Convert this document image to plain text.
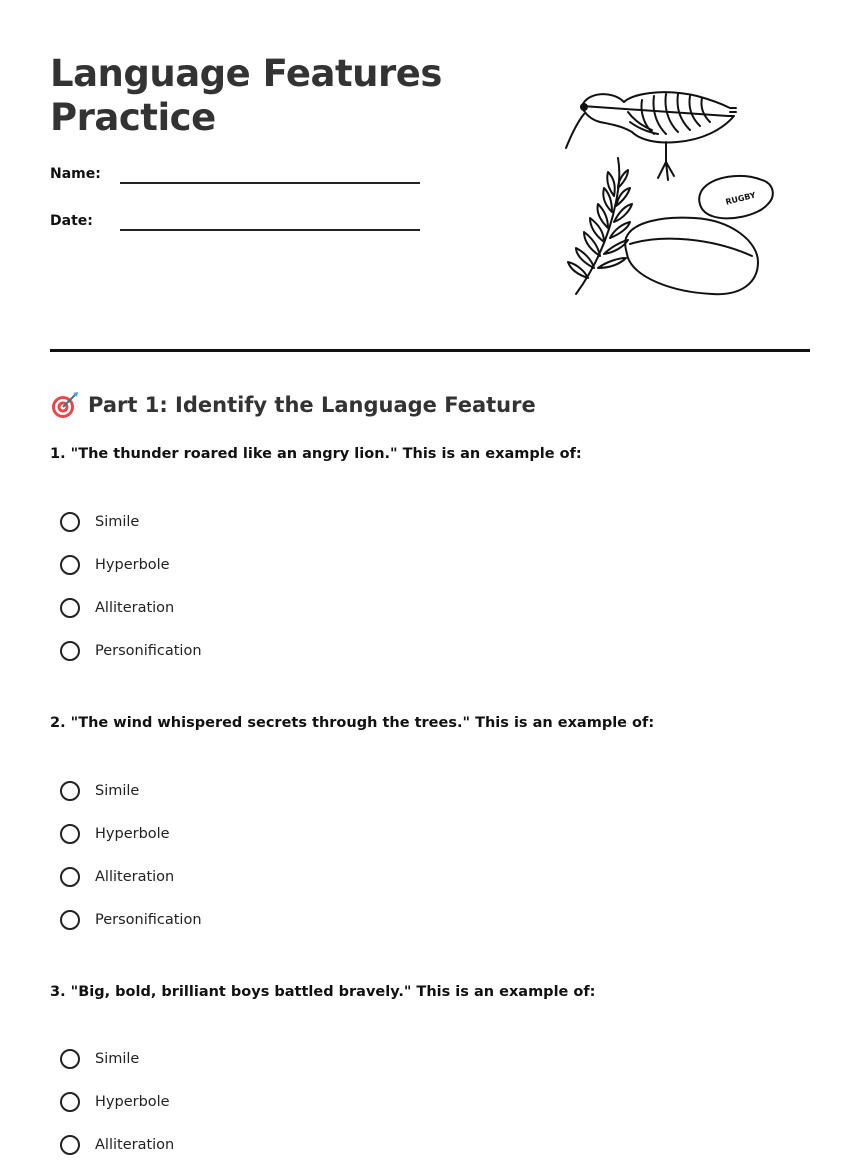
Language Features Practice
Name:
Date:
RUGBY
Part 1: Identify the Language Feature
1. "The thunder roared like an angry lion." This is an example of:
Simile
Hyperbole
Alliteration
Personification
2. "The wind whispered secrets through the trees." This is an example of:
Simile
Hyperbole
Alliteration
Personification
3. "Big, bold, brilliant boys battled bravely." This is an example of:
Simile
Hyperbole
Alliteration
